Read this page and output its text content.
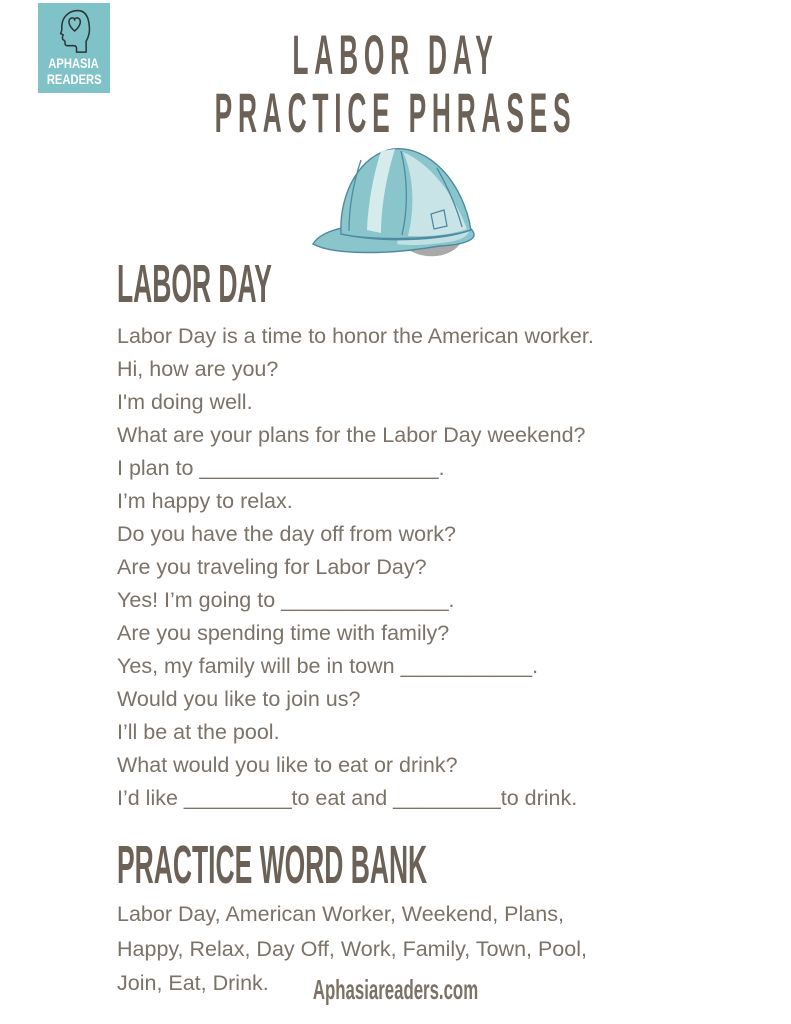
APHASIA
READERS	LABOR DAY
PRACTICE PHRASES
LABOR DAY
Labor Day is a time to honor the American worker.
Hi, how are you?
I'm doing well.
What are your plans for the Labor Day weekend?
I plan to ____________________.
I’m happy to relax.
Do you have the day off from work?
Are you traveling for Labor Day?
Yes! I’m going to ______________.
Are you spending time with family?
Yes, my family will be in town ___________.
Would you like to join us?
I’ll be at the pool.
What would you like to eat or drink?
I’d like _________to eat and _________to drink.
PRACTICE WORD BANK
Labor Day, American Worker, Weekend, Plans,
Happy, Relax, Day Off, Work, Family, Town, Pool,
Join, Eat, Drink.	Aphasiareaders.com
